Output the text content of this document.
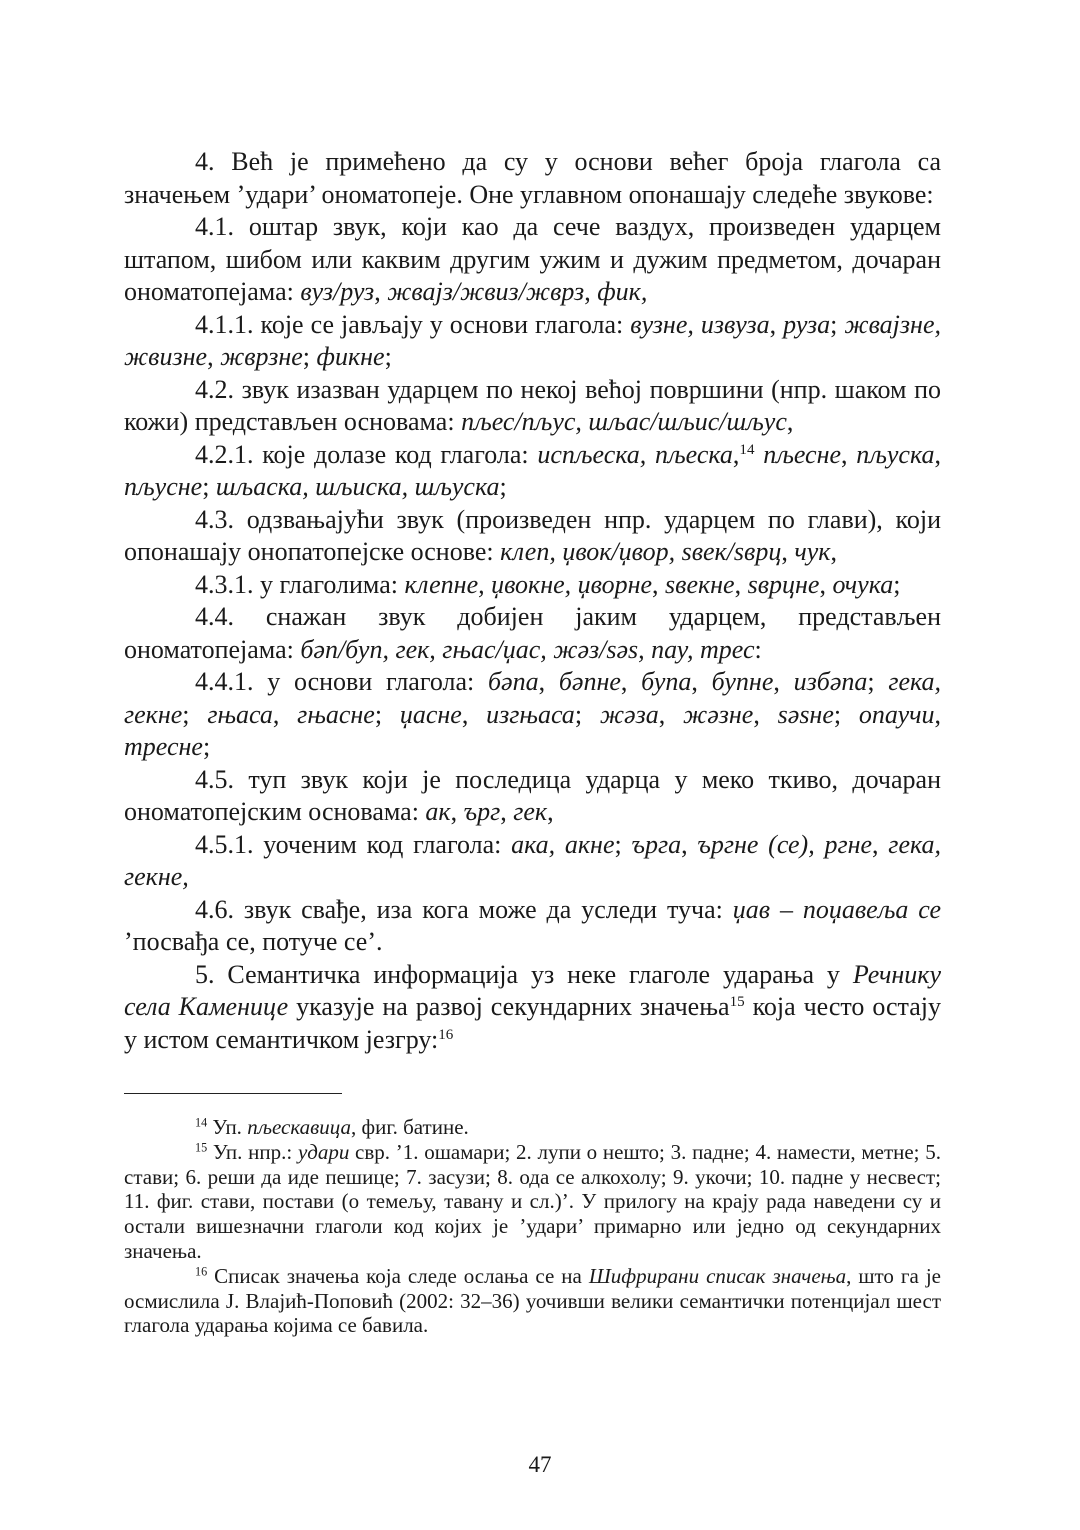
4. Већ је примећено да су у основи већег броја глагола са значењем ’удари’ ономатопеје. Оне углавном опонашају следеће звукове:

4.1. оштар звук, који као да сече ваздух, произведен ударцем штапом, шибом или каквим другим ужим и дужим предметом, дочаран ономатопејама: вуз/руз, жвајз/жвиз/жврз, фик,

4.1.1. које се јављају у основи глагола: вузне, извуза, руза; жвајзне, жвизне, жврзне; фикне;

4.2. звук изазван ударцем по некој већој површини (нпр. шаком по кожи) представљен основама: пљес/пљус, шљас/шљис/шљус,

4.2.1. које долазе код глагола: испљеска, пљеска,$^{14}$ пљесне, пљуска, пљусне; шљаска, шљиска, шљуска;

4.3. одзвањајући звук (произведен нпр. ударцем по глави), који опонашају онопатопејске основе: клеп, џвок/џвор, ѕвек/ѕврц, чук,

4.3.1. у глаголима: клепне, џвокне, џворне, ѕвекне, ѕврцне, очука;

4.4. снажан звук добијен јаким ударцем, представљен ономатопејама: бәп/буп, гек, гњас/џас, жәз/ѕәѕ, пау, трес:

4.4.1. у основи глагола: бәпа, бәпне, бупа, бупне, избәпа; гека, гекне; гњаса, гњасне; џасне, изгњаса; жәза, жәзне, ѕәѕне; опаучи, тресне;

4.5. туп звук који је последица ударца у меко ткиво, дочаран ономатопејским основама: ак, ърг, гек,

4.5.1. уоченим код глагола: ака, акне; ърга, ъргне (се), ргне, гека, гекне,

4.6. звук свађе, иза кога може да уследи туча: џав – поџавеља се ’посвађа се, потуче се’.

5. Семантичка информација уз неке глаголе ударања у Речнику села Каменице указује на развој секундарних значења$^{15}$ која често остају у истом семантичком језгру:$^{16}$

$^{14}$ Уп. пљескавица, фиг. батине.

$^{15}$ Уп. нпр.: удари свр. ’1. ошамари; 2. лупи о нешто; 3. падне; 4. намести, метне; 5. стави; 6. реши да иде пешице; 7. засузи; 8. ода се алкохолу; 9. укочи; 10. падне у несвест; 11. фиг. стави, постави (о темељу, тавану и сл.)’. У прилогу на крају рада наведени су и остали вишезначни глаголи код којих је ’удари’ примарно или једно од секундарних значења.

$^{16}$ Списак значења која следе ослања се на Шифрирани списак значења, што га је осмислила Ј. Влајић-Поповић (2002: 32–36) уочивши велики семантички потенцијал шест глагола ударања којима се бавила.

47
